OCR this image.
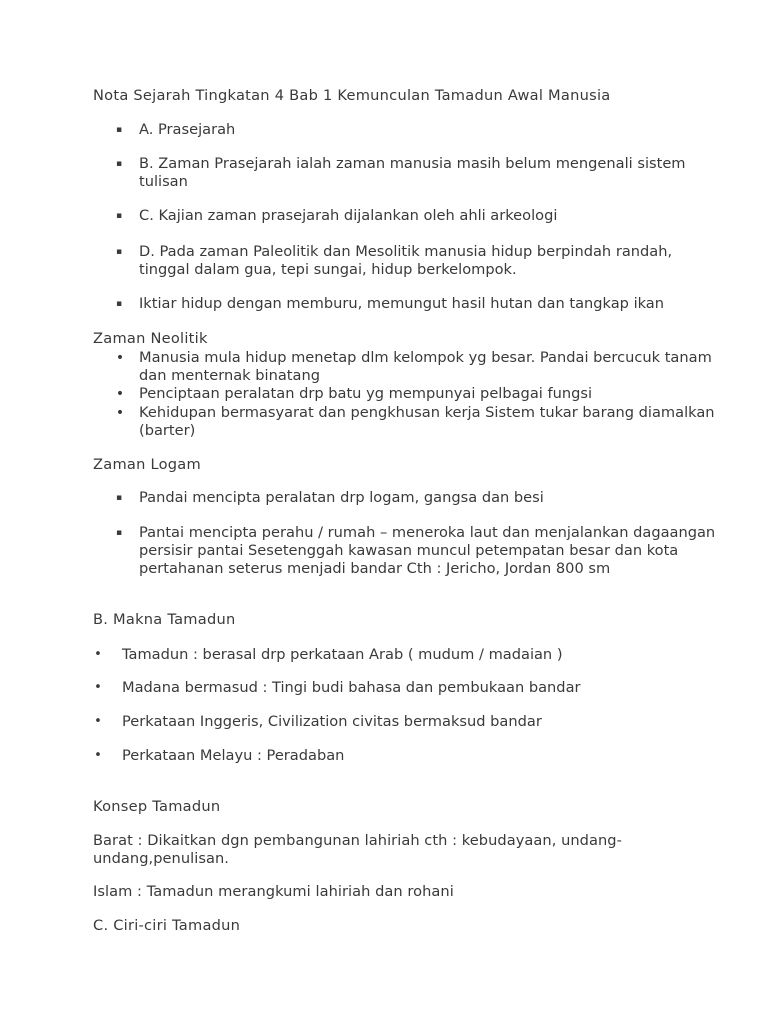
Nota Sejarah Tingkatan 4 Bab 1 Kemunculan Tamadun Awal Manusia
▪ A. Prasejarah
▪ B. Zaman Prasejarah ialah zaman manusia masih belum mengenali sistem tulisan
▪ C. Kajian zaman prasejarah dijalankan oleh ahli arkeologi
▪ D. Pada zaman Paleolitik dan Mesolitik manusia hidup berpindah randah, tinggal dalam gua, tepi sungai, hidup berkelompok.
▪ Iktiar hidup dengan memburu, memungut hasil hutan dan tangkap ikan
Zaman Neolitik
• Manusia mula hidup menetap dlm kelompok yg besar. Pandai bercucuk tanam dan menternak binatang
• Penciptaan peralatan drp batu yg mempunyai pelbagai fungsi
• Kehidupan bermasyarat dan pengkhusan kerja Sistem tukar barang diamalkan (barter)
Zaman Logam
▪ Pandai mencipta peralatan drp logam, gangsa dan besi
▪ Pantai mencipta perahu / rumah – meneroka laut dan menjalankan dagaangan persisir pantai Sesetenggah kawasan muncul petempatan besar dan kota pertahanan seterus menjadi bandar Cth : Jericho, Jordan 800 sm
B. Makna Tamadun
• Tamadun : berasal drp perkataan Arab ( mudum / madaian )
• Madana bermasud : Tingi budi bahasa dan pembukaan bandar
• Perkataan Inggeris, Civilization civitas bermaksud bandar
• Perkataan Melayu : Peradaban
Konsep Tamadun
Barat : Dikaitkan dgn pembangunan lahiriah cth : kebudayaan, undang-undang,penulisan.
Islam : Tamadun merangkumi lahiriah dan rohani
C. Ciri-ciri Tamadun
